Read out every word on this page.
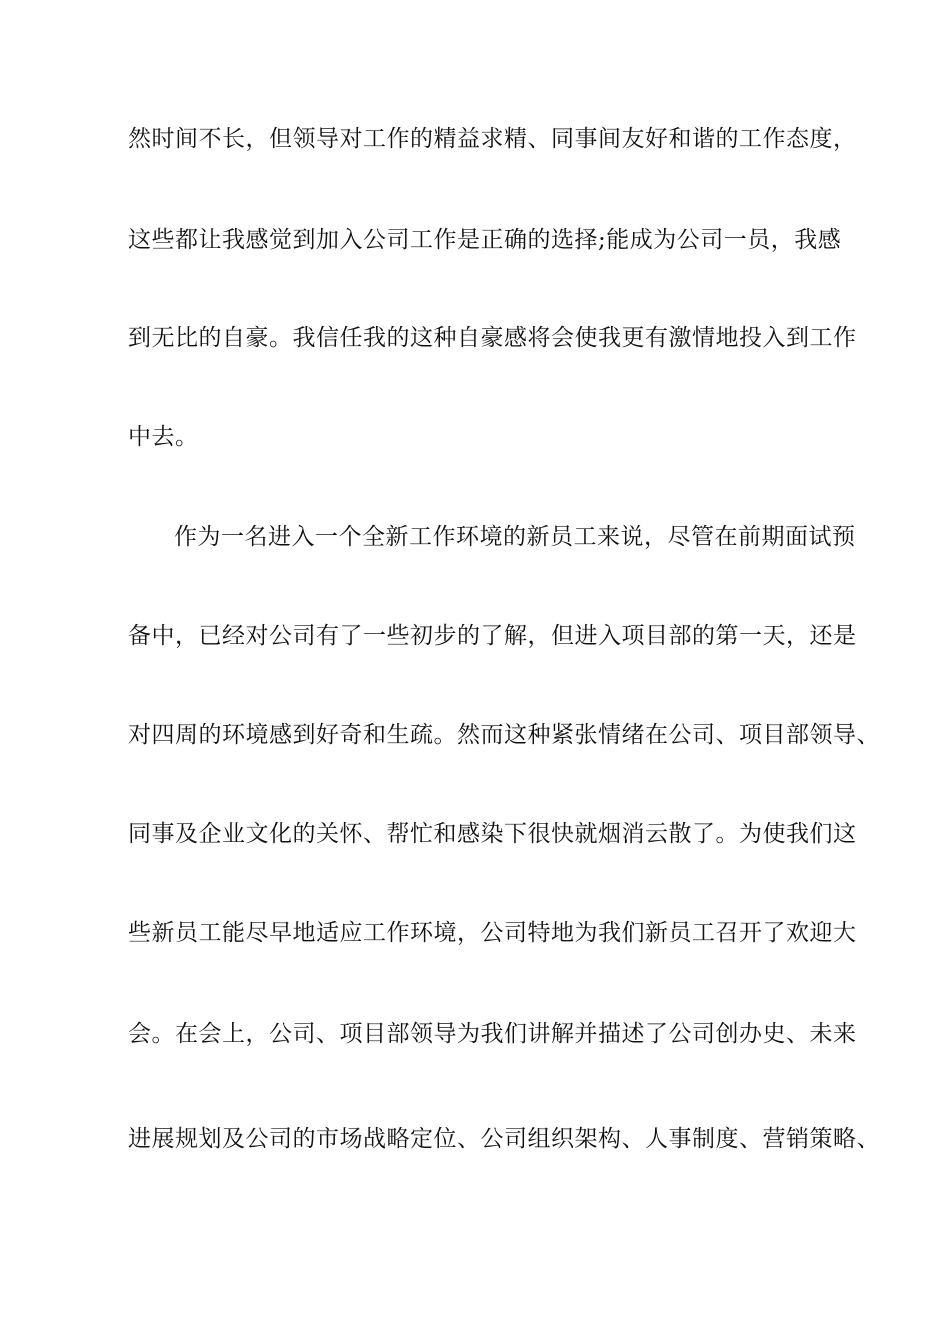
然时间不长，但领导对工作的精益求精、同事间友好和谐的工作态度，
这些都让我感觉到加入公司工作是正确的选择;能成为公司一员，我感
到无比的自豪。我信任我的这种自豪感将会使我更有激情地投入到工作
中去。
作为一名进入一个全新工作环境的新员工来说，尽管在前期面试预
备中，已经对公司有了一些初步的了解，但进入项目部的第一天，还是
对四周的环境感到好奇和生疏。然而这种紧张情绪在公司、项目部领导、
同事及企业文化的关怀、帮忙和感染下很快就烟消云散了。为使我们这
些新员工能尽早地适应工作环境，公司特地为我们新员工召开了欢迎大
会。在会上，公司、项目部领导为我们讲解并描述了公司创办史、未来
进展规划及公司的市场战略定位、公司组织架构、人事制度、营销策略、
